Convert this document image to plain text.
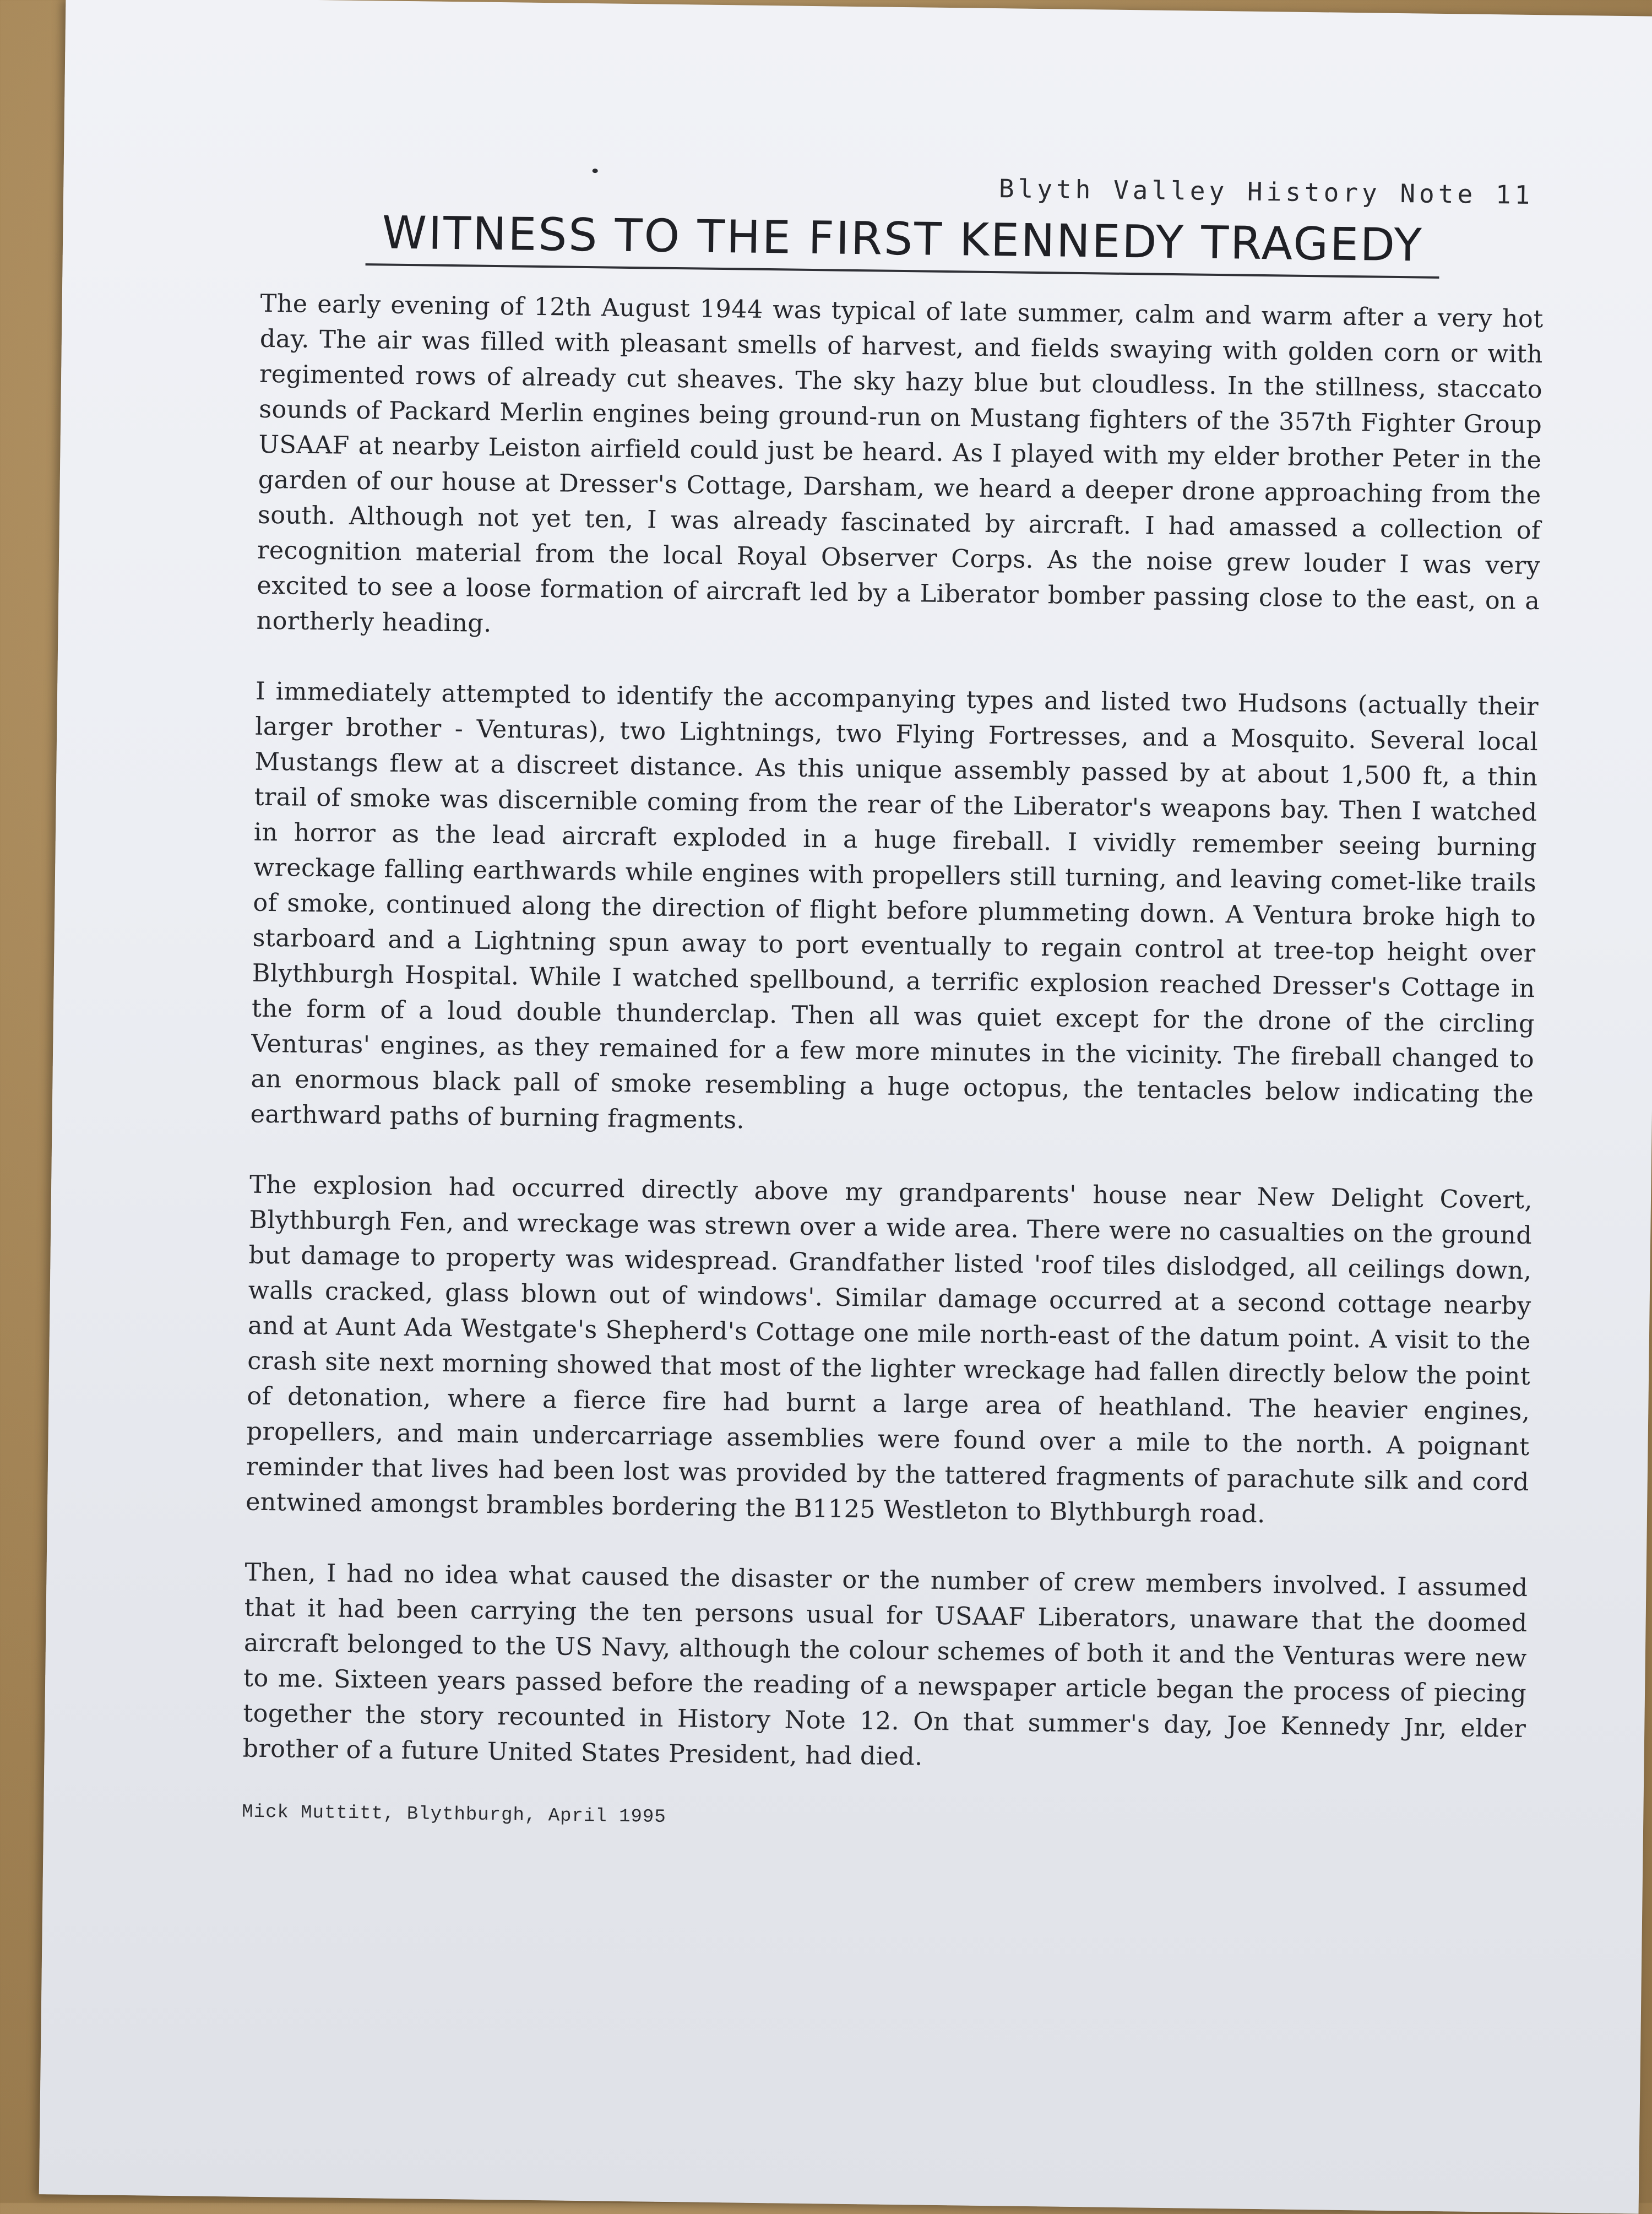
Blyth Valley History Note 11
WITNESS TO THE FIRST KENNEDY TRAGEDY

The early evening of 12th August 1944 was typical of late summer, calm and warm after a very hot day. The air was filled with pleasant smells of harvest, and fields swaying with golden corn or with regimented rows of already cut sheaves. The sky hazy blue but cloudless. In the stillness, staccato sounds of Packard Merlin engines being ground-run on Mustang fighters of the 357th Fighter Group USAAF at nearby Leiston airfield could just be heard. As I played with my elder brother Peter in the garden of our house at Dresser's Cottage, Darsham, we heard a deeper drone approaching from the south. Although not yet ten, I was already fascinated by aircraft. I had amassed a collection of recognition material from the local Royal Observer Corps. As the noise grew louder I was very excited to see a loose formation of aircraft led by a Liberator bomber passing close to the east, on a northerly heading.

I immediately attempted to identify the accompanying types and listed two Hudsons (actually their larger brother - Venturas), two Lightnings, two Flying Fortresses, and a Mosquito. Several local Mustangs flew at a discreet distance. As this unique assembly passed by at about 1,500 ft, a thin trail of smoke was discernible coming from the rear of the Liberator's weapons bay. Then I watched in horror as the lead aircraft exploded in a huge fireball. I vividly remember seeing burning wreckage falling earthwards while engines with propellers still turning, and leaving comet-like trails of smoke, continued along the direction of flight before plummeting down. A Ventura broke high to starboard and a Lightning spun away to port eventually to regain control at tree-top height over Blythburgh Hospital. While I watched spellbound, a terrific explosion reached Dresser's Cottage in the form of a loud double thunderclap. Then all was quiet except for the drone of the circling Venturas' engines, as they remained for a few more minutes in the vicinity. The fireball changed to an enormous black pall of smoke resembling a huge octopus, the tentacles below indicating the earthward paths of burning fragments.

The explosion had occurred directly above my grandparents' house near New Delight Covert, Blythburgh Fen, and wreckage was strewn over a wide area. There were no casualties on the ground but damage to property was widespread. Grandfather listed 'roof tiles dislodged, all ceilings down, walls cracked, glass blown out of windows'. Similar damage occurred at a second cottage nearby and at Aunt Ada Westgate's Shepherd's Cottage one mile north-east of the datum point. A visit to the crash site next morning showed that most of the lighter wreckage had fallen directly below the point of detonation, where a fierce fire had burnt a large area of heathland. The heavier engines, propellers, and main undercarriage assemblies were found over a mile to the north. A poignant reminder that lives had been lost was provided by the tattered fragments of parachute silk and cord entwined amongst brambles bordering the B1125 Westleton to Blythburgh road.

Then, I had no idea what caused the disaster or the number of crew members involved. I assumed that it had been carrying the ten persons usual for USAAF Liberators, unaware that the doomed aircraft belonged to the US Navy, although the colour schemes of both it and the Venturas were new to me. Sixteen years passed before the reading of a newspaper article began the process of piecing together the story recounted in History Note 12. On that summer's day, Joe Kennedy Jnr, elder brother of a future United States President, had died.

Mick Muttitt, Blythburgh, April 1995
